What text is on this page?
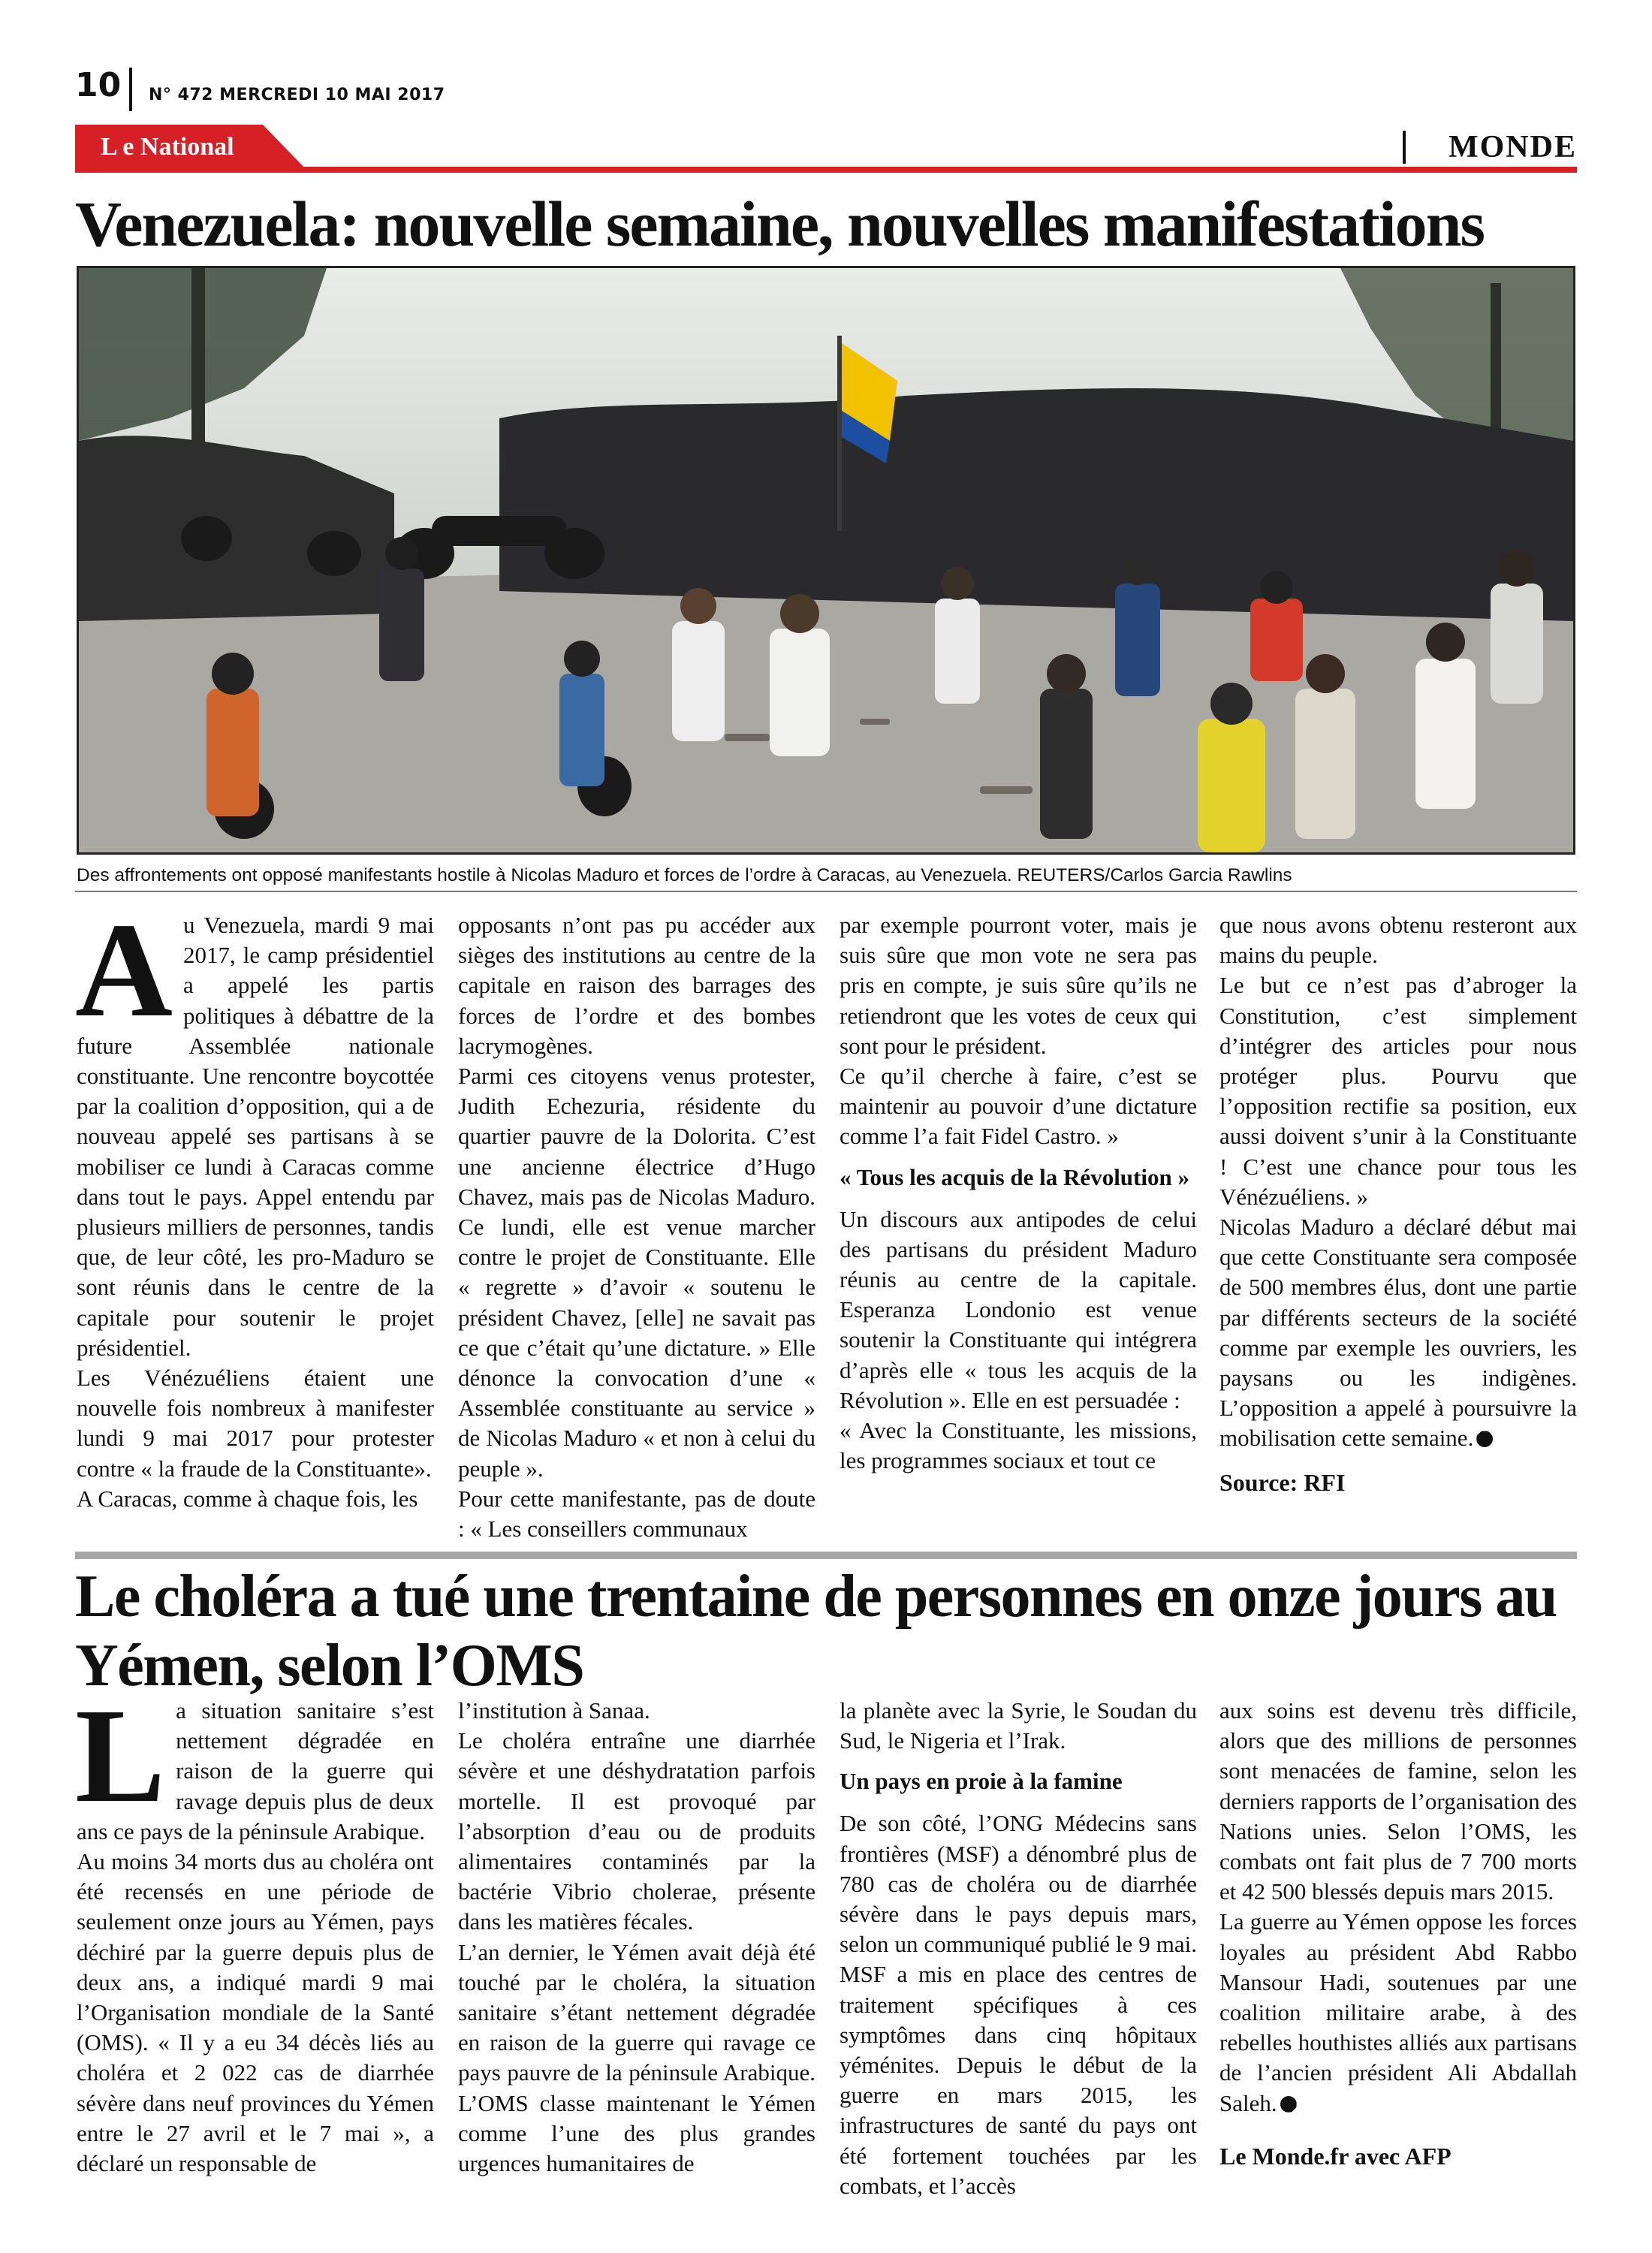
10 N° 472 MERCREDI 10 MAI 2017
L e National	MONDE
Venezuela: nouvelle semaine, nouvelles manifestations
Des affrontements ont opposé manifestants hostile à Nicolas Maduro et forces de l’ordre à Caracas, au Venezuela. REUTERS/Carlos Garcia Rawlins

Au Venezuela, mardi 9 mai 2017, le camp présidentiel a appelé les partis politiques à débattre de la future Assemblée nationale constituante. Une rencontre boycottée par la coalition d’opposition, qui a de nouveau appelé ses partisans à se mobiliser ce lundi à Caracas comme dans tout le pays. Appel entendu par plusieurs milliers de personnes, tandis que, de leur côté, les pro-Maduro se sont réunis dans le centre de la capitale pour soutenir le projet présidentiel.

Les Vénézuéliens étaient une nouvelle fois nombreux à manifester lundi 9 mai 2017 pour protester contre « la fraude de la Constituante».

A Caracas, comme à chaque fois, les

opposants n’ont pas pu accéder aux sièges des institutions au centre de la capitale en raison des barrages des forces de l’ordre et des bombes lacrymogènes.

Parmi ces citoyens venus protester, Judith Echezuria, résidente du quartier pauvre de la Dolorita. C’est une ancienne électrice d’Hugo Chavez, mais pas de Nicolas Maduro. Ce lundi, elle est venue marcher contre le projet de Constituante. Elle « regrette » d’avoir « soutenu le président Chavez, [elle] ne savait pas ce que c’était qu’une dictature. » Elle dénonce la convocation d’une « Assemblée constituante au service » de Nicolas Maduro « et non à celui du peuple ».

Pour cette manifestante, pas de doute : « Les conseillers communaux

par exemple pourront voter, mais je suis sûre que mon vote ne sera pas pris en compte, je suis sûre qu’ils ne retiendront que les votes de ceux qui sont pour le président.

Ce qu’il cherche à faire, c’est se maintenir au pouvoir d’une dictature comme l’a fait Fidel Castro. »

« Tous les acquis de la Révolution »

Un discours aux antipodes de celui des partisans du président Maduro réunis au centre de la capitale. Esperanza Londonio est venue soutenir la Constituante qui intégrera d’après elle « tous les acquis de la Révolution ». Elle en est persuadée :

« Avec la Constituante, les missions, les programmes sociaux et tout ce

que nous avons obtenu resteront aux mains du peuple.

Le but ce n’est pas d’abroger la Constitution, c’est simplement d’intégrer des articles pour nous protéger plus. Pourvu que l’opposition rectifie sa position, eux aussi doivent s’unir à la Constituante ! C’est une chance pour tous les Vénézuéliens. »

Nicolas Maduro a déclaré début mai que cette Constituante sera composée de 500 membres élus, dont une partie par différents secteurs de la société comme par exemple les ouvriers, les paysans ou les indigènes. L’opposition a appelé à poursuivre la mobilisation cette semaine.

Source: RFI
Le choléra a tué une trentaine de personnes en onze jours au Yémen, selon l’OMS

La situation sanitaire s’est nettement dégradée en raison de la guerre qui ravage depuis plus de deux ans ce pays de la péninsule Arabique.

Au moins 34 morts dus au choléra ont été recensés en une période de seulement onze jours au Yémen, pays déchiré par la guerre depuis plus de deux ans, a indiqué mardi 9 mai l’Organisation mondiale de la Santé (OMS). « Il y a eu 34 décès liés au choléra et 2 022 cas de diarrhée sévère dans neuf provinces du Yémen entre le 27 avril et le 7 mai », a déclaré un responsable de

l’institution à Sanaa.

Le choléra entraîne une diarrhée sévère et une déshydratation parfois mortelle. Il est provoqué par l’absorption d’eau ou de produits alimentaires contaminés par la bactérie Vibrio cholerae, présente dans les matières fécales.

L’an dernier, le Yémen avait déjà été touché par le choléra, la situation sanitaire s’étant nettement dégradée en raison de la guerre qui ravage ce pays pauvre de la péninsule Arabique. L’OMS classe maintenant le Yémen comme l’une des plus grandes urgences humanitaires de

la planète avec la Syrie, le Soudan du Sud, le Nigeria et l’Irak.

Un pays en proie à la famine

De son côté, l’ONG Médecins sans frontières (MSF) a dénombré plus de 780 cas de choléra ou de diarrhée sévère dans le pays depuis mars, selon un communiqué publié le 9 mai. MSF a mis en place des centres de traitement spécifiques à ces symptômes dans cinq hôpitaux yéménites. Depuis le début de la guerre en mars 2015, les infrastructures de santé du pays ont été fortement touchées par les combats, et l’accès

aux soins est devenu très difficile, alors que des millions de personnes sont menacées de famine, selon les derniers rapports de l’organisation des Nations unies. Selon l’OMS, les combats ont fait plus de 7 700 morts et 42 500 blessés depuis mars 2015.

La guerre au Yémen oppose les forces loyales au président Abd Rabbo Mansour Hadi, soutenues par une coalition militaire arabe, à des rebelles houthistes alliés aux partisans de l’ancien président Ali Abdallah Saleh.

Le Monde.fr avec AFP
